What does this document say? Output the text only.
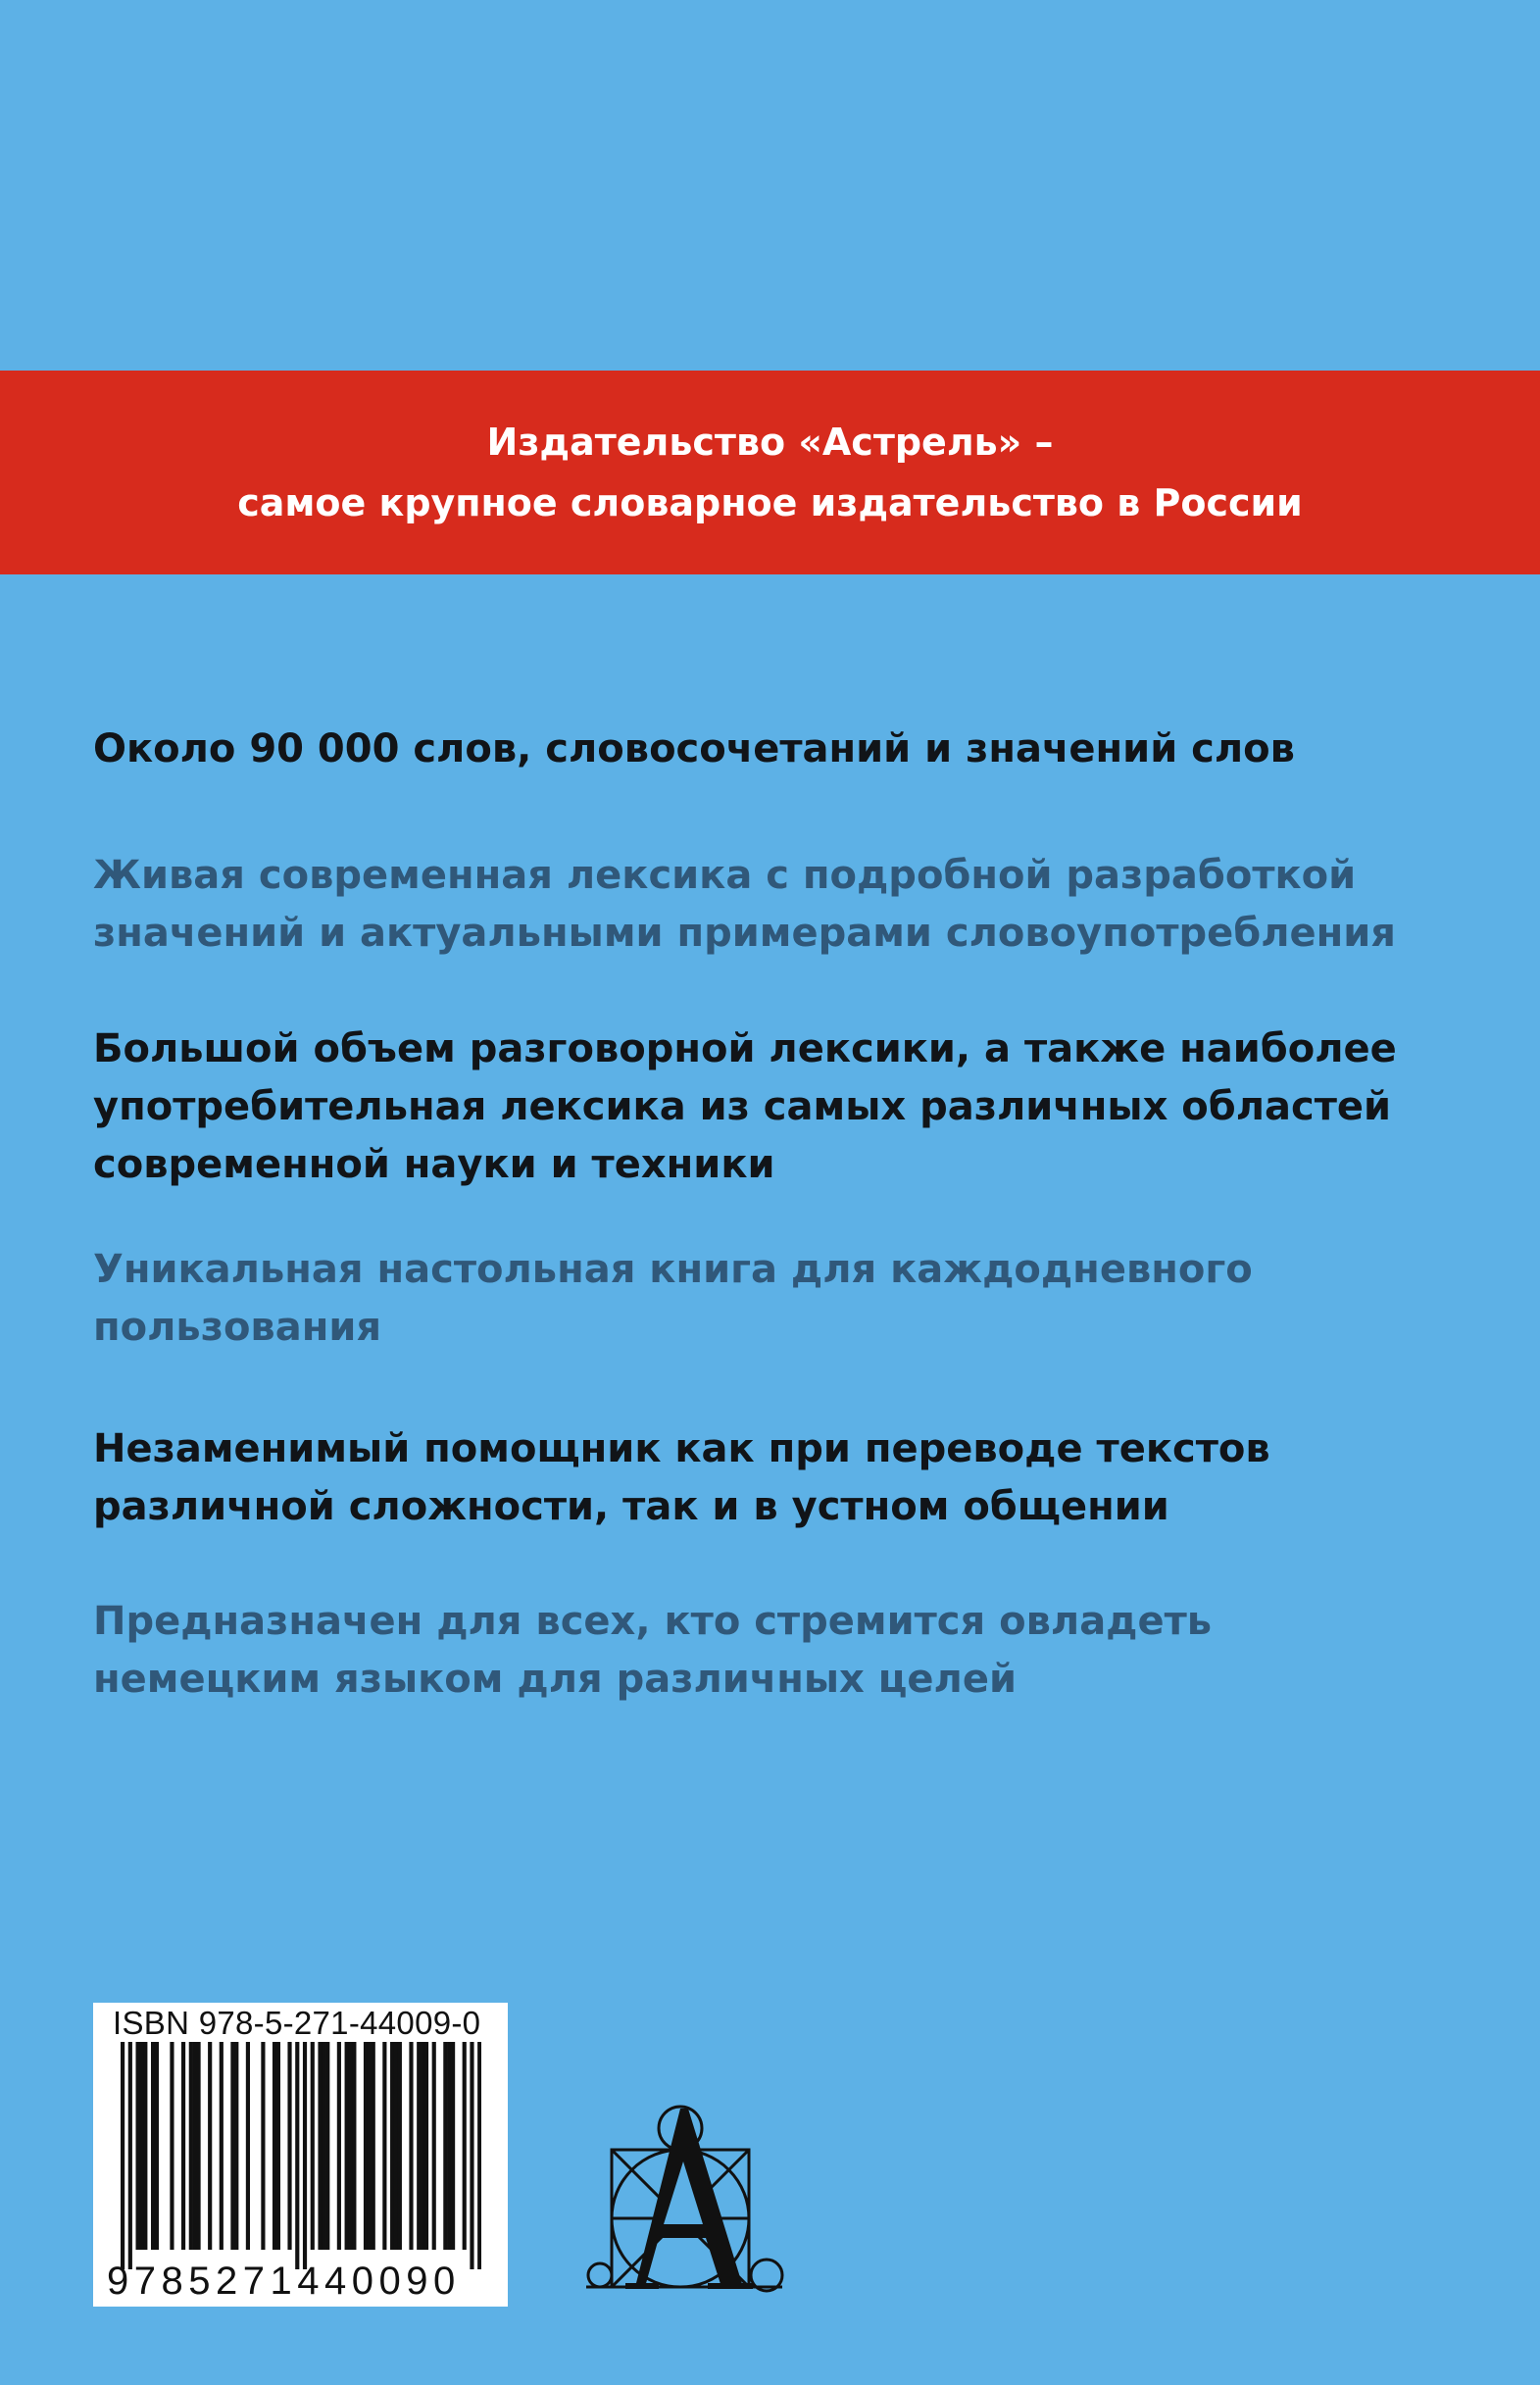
Издательство «Астрель» –
самое крупное словарное издательство в России

Около 90 000 слов, словосочетаний и значений слов

Живая современная лексика с подробной разработкой
значений и актуальными примерами словоупотребления

Большой объем разговорной лексики, а также наиболее
употребительная лексика из самых различных областей
современной науки и техники

Уникальная настольная книга для каждодневного
пользования

Незаменимый помощник как при переводе текстов
различной сложности, так и в устном общении

Предназначен для всех, кто стремится овладеть
немецким языком для различных целей

ISBN 978-5-271-44009-0
9785271440090
